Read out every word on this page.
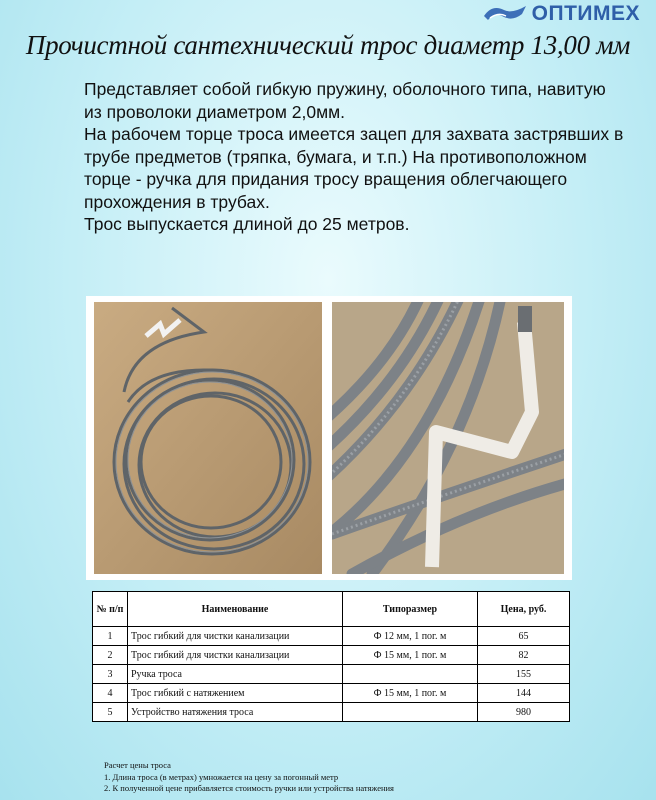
ОПТИМЕХ
Прочистной сантехнический трос диаметр 13,00 мм

Представляет собой гибкую пружину, оболочного типа, навитую из проволоки диаметром 2,0мм.

На рабочем торце троса имеется зацеп для захвата застрявших в трубе предметов (тряпка, бумага, и т.п.) На противоположном торце - ручка для придания тросу вращения облегчающего прохождения в трубах.

Трос выпускается длиной до 25 метров.

№ п/п	Наименование	Типоразмер	Цена, руб.
1	Трос гибкий для чистки канализации	Ф 12 мм, 1 пог. м	65
2	Трос гибкий для чистки канализации	Ф 15 мм, 1 пог. м	82
3	Ручка троса		155
4	Трос гибкий с натяжением	Ф 15 мм, 1 пог. м	144
5	Устройство натяжения троса		980
Расчет цены троса
1. Длина троса (в метрах) умножается на цену за погонный метр
2. К полученной цене прибавляется стоимость ручки или устройства натяжения
